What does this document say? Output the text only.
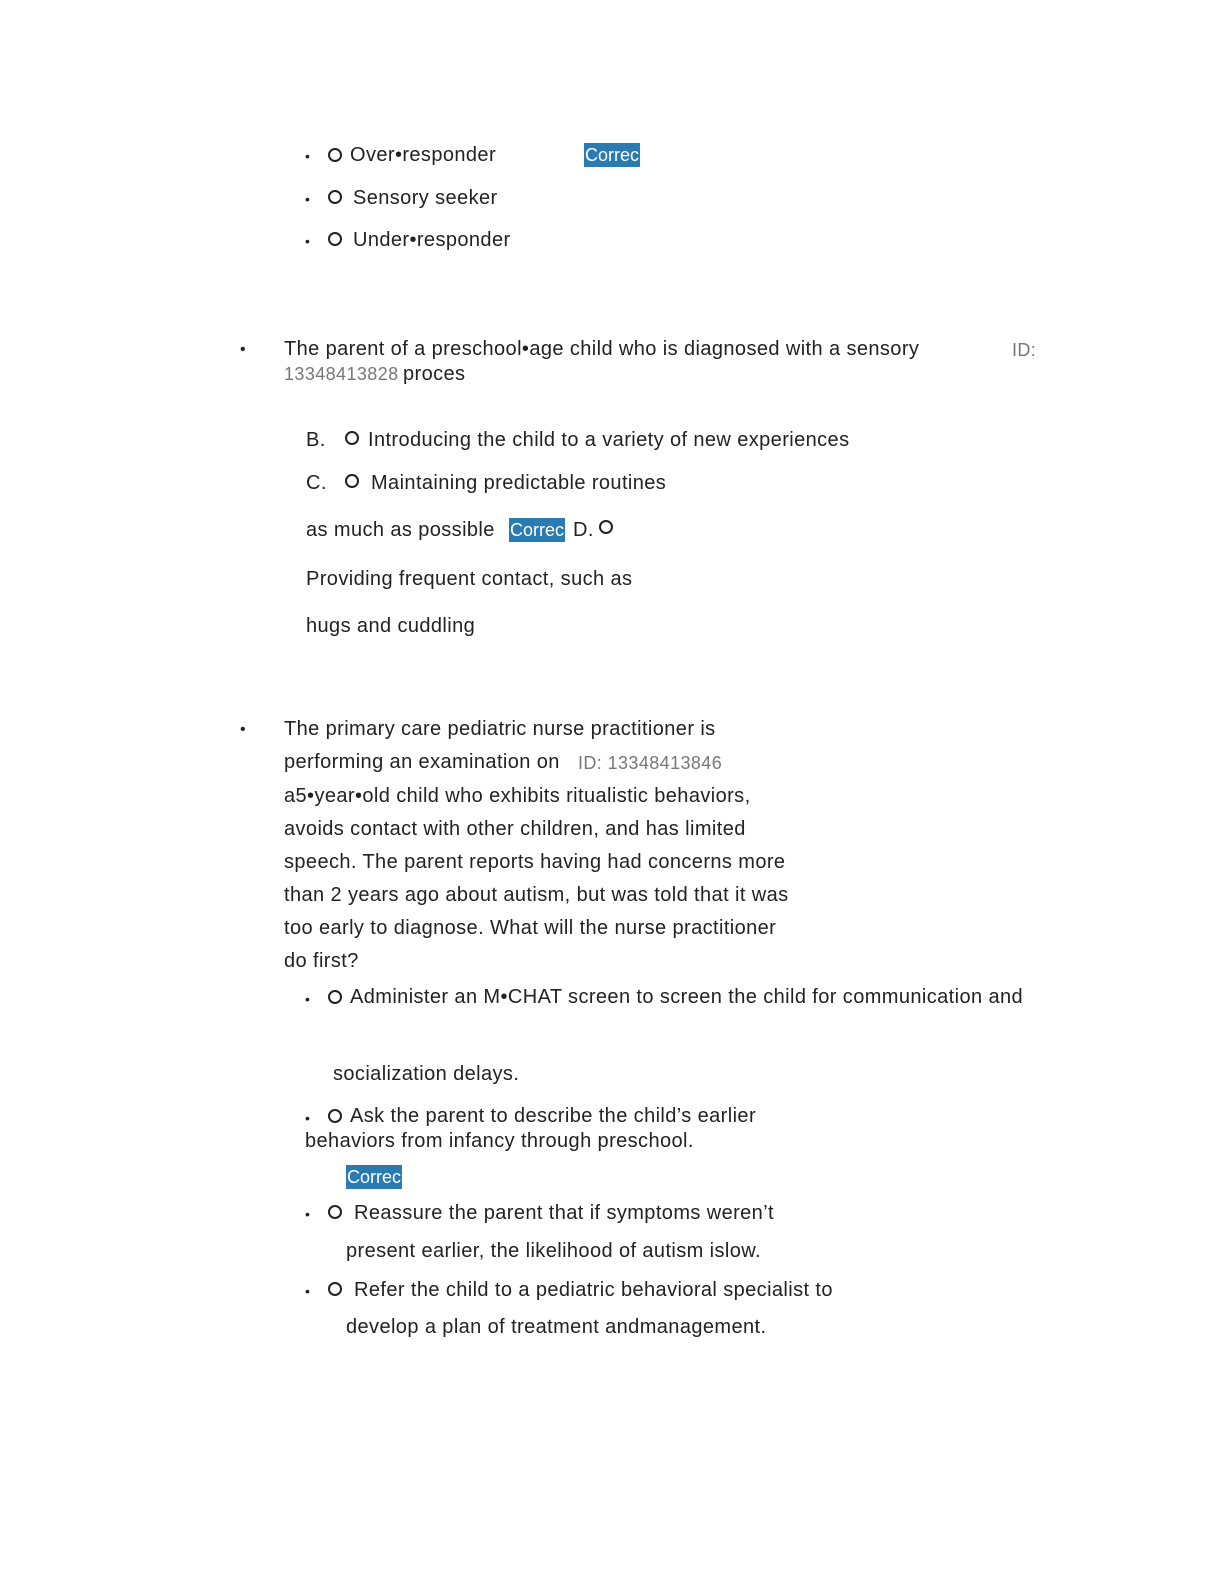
• Over•responder	Correc
• Sensory seeker
• Under•responder
• The parent of a preschool•age child who is diagnosed with a sensory	ID:
13348413828 proces
B. Introducing the child to a variety of new experiences
C. Maintaining predictable routines
as much as possible Correc D.
Providing frequent contact, such as
hugs and cuddling
• The primary care pediatric nurse practitioner is
performing an examination on ID: 13348413846
a5•year•old child who exhibits ritualistic behaviors,
avoids contact with other children, and has limited
speech. The parent reports having had concerns more
than 2 years ago about autism, but was told that it was
too early to diagnose. What will the nurse practitioner
do first?
• Administer an M•CHAT screen to screen the child for communication and
socialization delays.
• Ask the parent to describe the child’s earlier
behaviors from infancy through preschool.
Correc
• Reassure the parent that if symptoms weren’t
present earlier, the likelihood of autism islow.
• Refer the child to a pediatric behavioral specialist to
develop a plan of treatment andmanagement.
